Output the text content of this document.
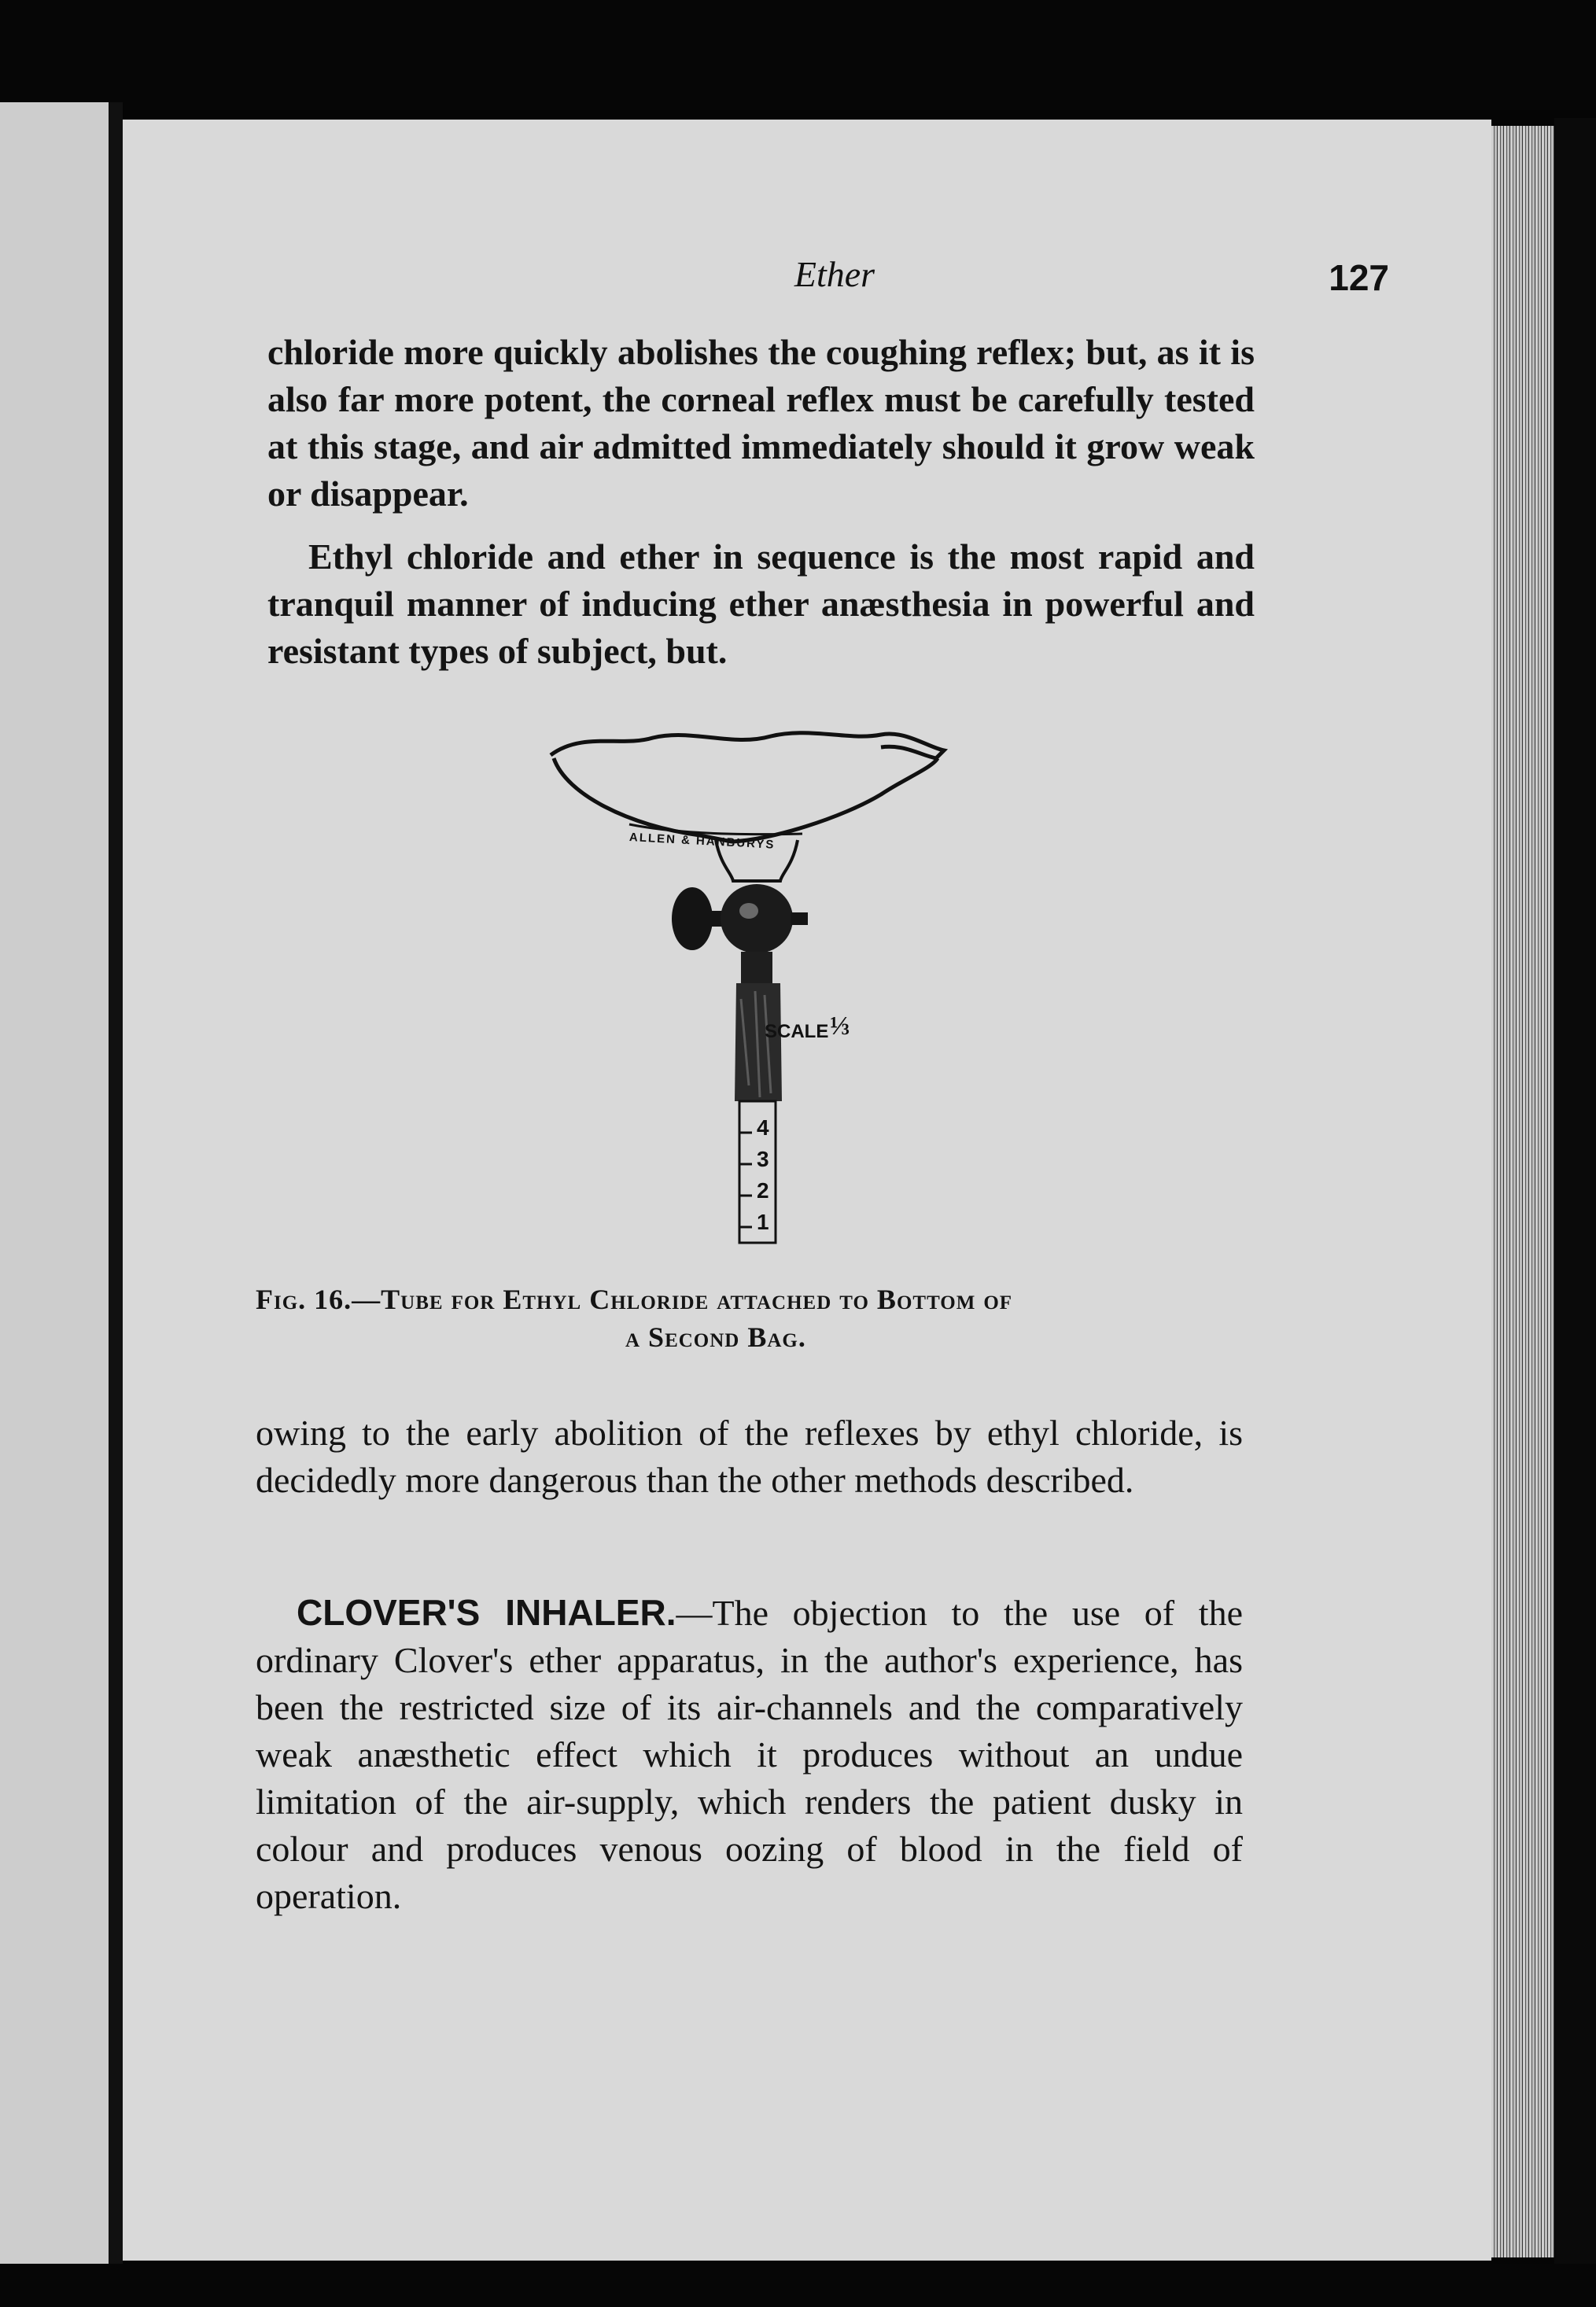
Ether	127

chloride more quickly abolishes the coughing reflex; but, as it is also far more potent, the corneal reflex must be carefully tested at this stage, and air admitted immediately should it grow weak or disappear.

Ethyl chloride and ether in sequence is the most rapid and tranquil manner of inducing ether anæsthesia in powerful and resistant types of subject, but.

ALLEN & HANBURYS
SCALE ⅓
4
3
2
1
Fig. 16.—Tube for Ethyl Chloride attached to Bottom of
a Second Bag.

owing to the early abolition of the reflexes by ethyl chloride, is decidedly more dangerous than the other methods described.

CLOVER'S INHALER.—The objection to the use of the ordinary Clover's ether apparatus, in the author's experience, has been the restricted size of its air-channels and the comparatively weak anæsthetic effect which it produces without an undue limitation of the air-supply, which renders the patient dusky in colour and produces venous oozing of blood in the field of operation.
